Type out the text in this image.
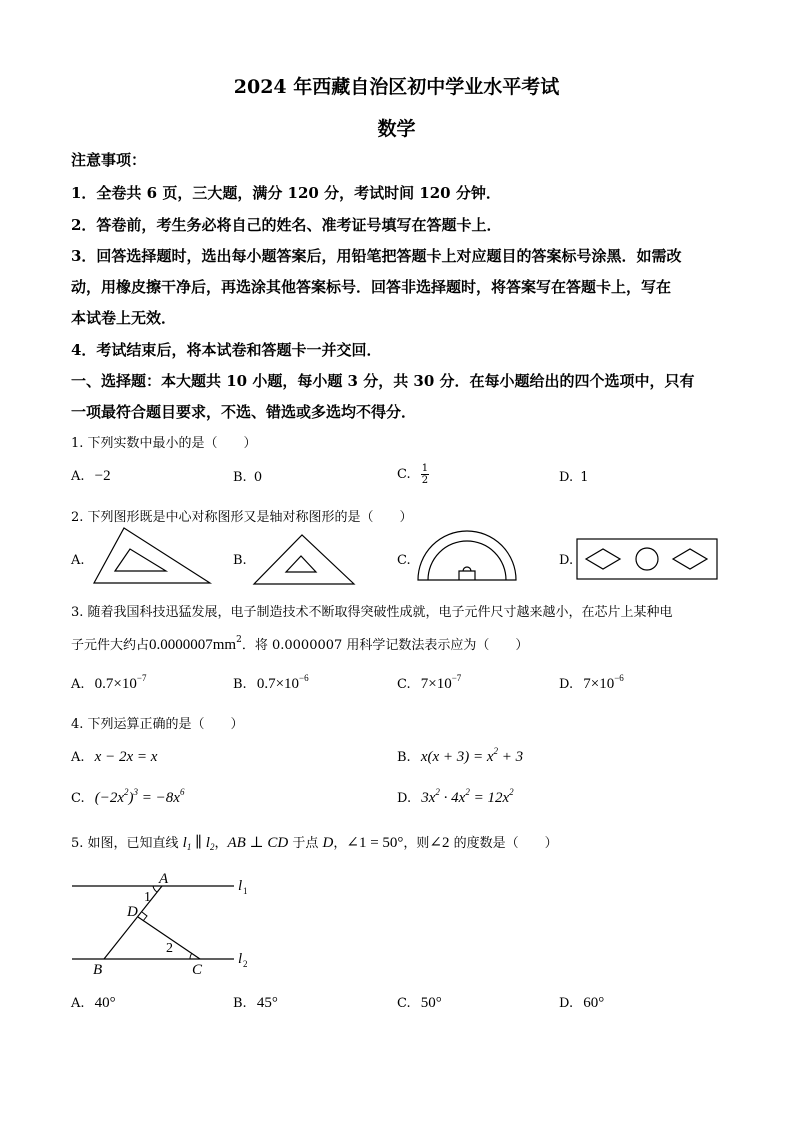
2024 年西藏自治区初中学业水平考试
数学
注意事项：
1．全卷共 6 页，三大题，满分 120 分，考试时间 120 分钟．
2．答卷前，考生务必将自己的姓名、准考证号填写在答题卡上．
3．回答选择题时，选出每小题答案后，用铅笔把答题卡上对应题目的答案标号涂黑．如需改
动，用橡皮擦干净后，再选涂其他答案标号．回答非选择题时，将答案写在答题卡上，写在
本试卷上无效．
4．考试结束后，将本试卷和答题卡一并交回．
一、选择题：本大题共 10 小题，每小题 3 分，共 30 分．在每小题给出的四个选项中，只有
一项最符合题目要求，不选、错选或多选均不得分．
1. 下列实数中最小的是（　　）
A. −2	B. 0	C. $\frac{1}{2}$	D. 1
2. 下列图形既是中心对称图形又是轴对称图形的是（　　）
A.	B.	C.	D.
3. 随着我国科技迅猛发展，电子制造技术不断取得突破性成就，电子元件尺寸越来越小，在芯片上某种电
子元件大约占$0.0000007mm^2$．将 0.0000007 用科学记数法表示应为（　　）
A. $0.7\times 10^{-7}$	B. $0.7\times 10^{-6}$	C. $7\times 10^{-7}$	D. $7\times 10^{-6}$
4. 下列运算正确的是（　　）
A. x − 2x = x	B. $x(x + 3) = x^2 + 3$
C. $(-2x^2)^3 = -8x^6$	D. $3x^2 \cdot 4x^2 = 12x^2$
5. 如图，已知直线 $l_1$ ∥ $l_2$，AB ⊥ CD 于点 D，∠1 = 50°，则∠2 的度数是（　　）
A
1
D
2
B	C
l 1
l 2
A. 40°	B. 45°	C. 50°	D. 60°
